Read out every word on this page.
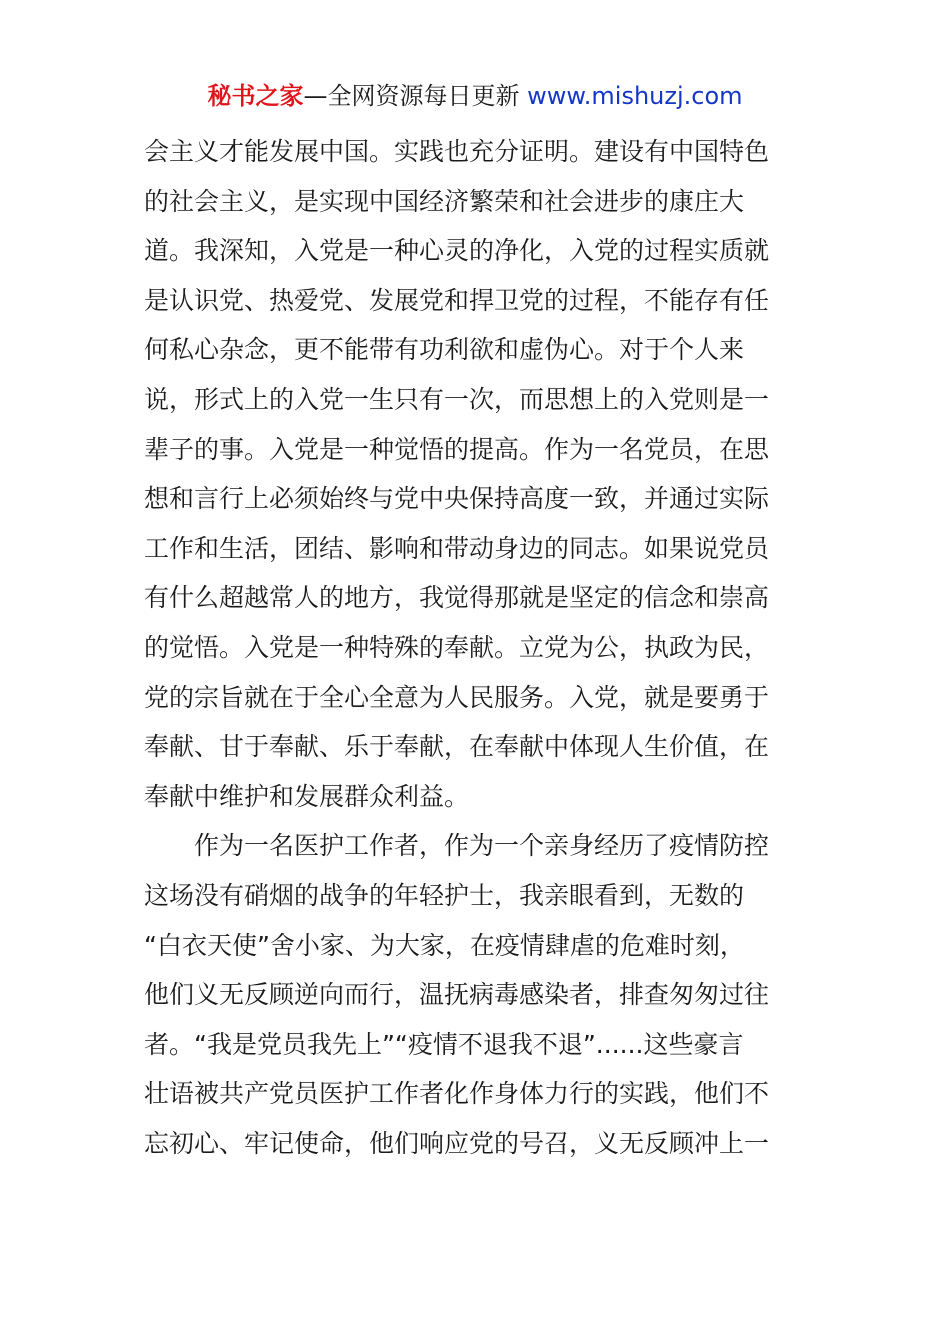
秘书之家—全网资源每日更新 www.mishuzj.com
会主义才能发展中国。实践也充分证明。建设有中国特色
的社会主义，是实现中国经济繁荣和社会进步的康庄大
道。我深知，入党是一种心灵的净化，入党的过程实质就
是认识党、热爱党、发展党和捍卫党的过程，不能存有任
何私心杂念，更不能带有功利欲和虚伪心。对于个人来
说，形式上的入党一生只有一次，而思想上的入党则是一
辈子的事。入党是一种觉悟的提高。作为一名党员，在思
想和言行上必须始终与党中央保持高度一致，并通过实际
工作和生活，团结、影响和带动身边的同志。如果说党员
有什么超越常人的地方，我觉得那就是坚定的信念和崇高
的觉悟。入党是一种特殊的奉献。立党为公，执政为民，
党的宗旨就在于全心全意为人民服务。入党，就是要勇于
奉献、甘于奉献、乐于奉献，在奉献中体现人生价值，在
奉献中维护和发展群众利益。
作为一名医护工作者，作为一个亲身经历了疫情防控
这场没有硝烟的战争的年轻护士，我亲眼看到，无数的
“白衣天使”舍小家、为大家，在疫情肆虐的危难时刻，
他们义无反顾逆向而行，温抚病毒感染者，排查匆匆过往
者。“我是党员我先上”“疫情不退我不退”......这些豪言
壮语被共产党员医护工作者化作身体力行的实践，他们不
忘初心、牢记使命，他们响应党的号召，义无反顾冲上一
